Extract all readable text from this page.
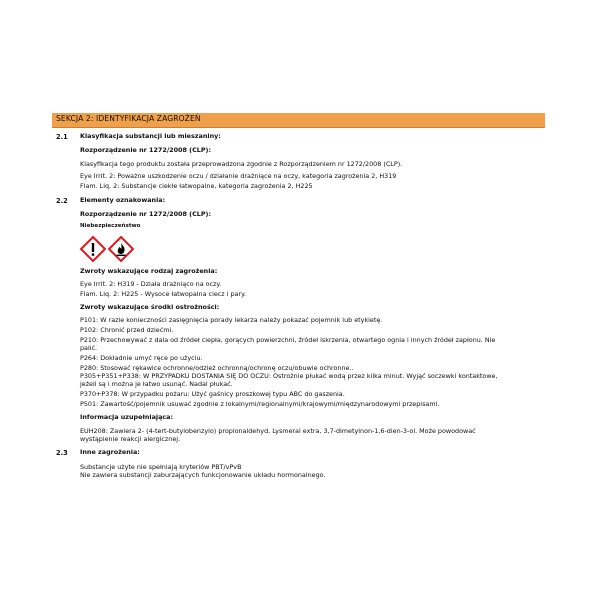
SEKCJA 2: IDENTYFIKACJA ZAGROŻEŃ
2.1 Klasyfikacja substancji lub mieszaniny:
Rozporządzenie nr 1272/2008 (CLP):
Klasyfikacja tego produktu została przeprowadzona zgodnie z Rozporządzeniem nr 1272/2008 (CLP).
Eye Irrit. 2: Poważne uszkodzenie oczu / działanie drażniące na oczy, kategoria zagrożenia 2, H319
Flam. Liq. 2: Substancje ciekłe łatwopalne, kategoria zagrożenia 2, H225
2.2 Elementy oznakowania:
Rozporządzenie nr 1272/2008 (CLP):
Niebezpieczeństwo
Zwroty wskazujące rodzaj zagrożenia:
Eye Irrit. 2: H319 - Działa drażniąco na oczy.
Flam. Liq. 2: H225 - Wysoce łatwopalna ciecz i pary.
Zwroty wskazujące środki ostrożności:
P101: W razie konieczności zasięgnięcia porady lekarza należy pokazać pojemnik lub etykietę.
P102: Chronić przed dziećmi.
P210: Przechowywać z dala od źródeł ciepła, gorących powierzchni, źródeł iskrzenia, otwartego ognia i innych źródeł zapłonu. Nie
palić.
P264: Dokładnie umyć ręce po użyciu.
P280: Stosować rękawice ochronne/odzież ochronną/ochronę oczu/obuwie ochronne..
P305+P351+P338: W PRZYPADKU DOSTANIA SIĘ DO OCZU: Ostrożnie płukać wodą przez kilka minut. Wyjąć soczewki kontaktowe,
jeżeli są i można je łatwo usunąć. Nadal płukać.
P370+P378: W przypadku pożaru: Użyć gaśnicy proszkowej typu ABC do gaszenia.
P501: Zawartość/pojemnik usuwać zgodnie z lokalnymi/regionalnymi/krajowymi/międzynarodowymi przepisami.
Informacja uzupełniająca:
EUH208: Zawiera 2- (4-tert-butylobenzylo) propionaldehyd, Lysmeral extra, 3,7-dimetylnon-1,6-dien-3-ol. Może powodować
wystąpienie reakcji alergicznej.
2.3 Inne zagrożenia:
Substancje użyte nie spełniają kryteriów PBT/vPvB
Nie zawiera substancji zaburzających funkcjonowanie układu hormonalnego.
